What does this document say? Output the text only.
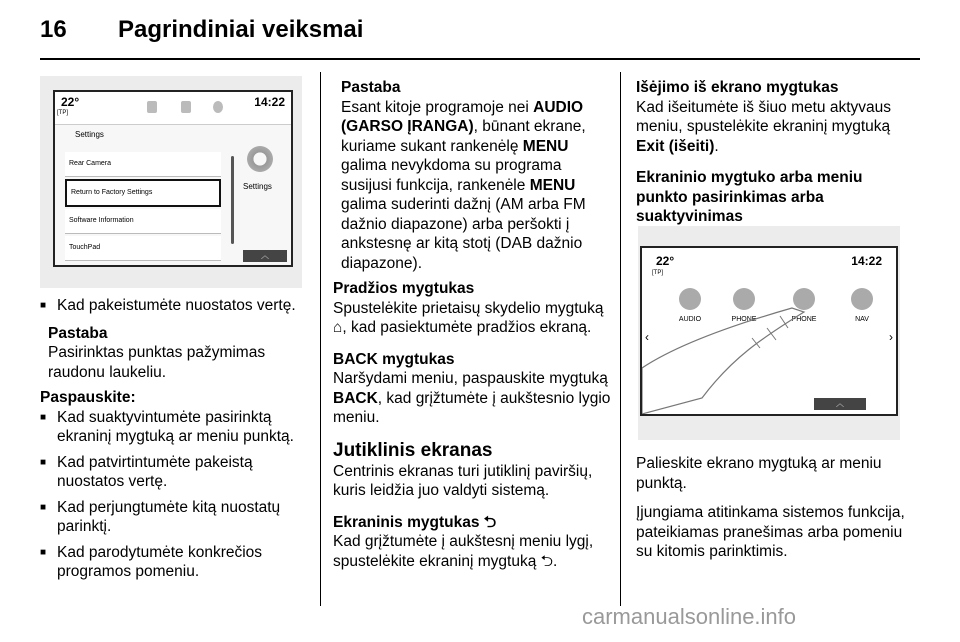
16 Pagrindiniai veiksmai
22°
[TP]
14:22
Settings
Rear Camera
Return to Factory Settings
Software Information
TouchPad
Settings
︿

■ Kad pakeistumėte nuostatos vertę.

Pastaba

Pasirinktas punktas pažymimas raudonu laukeliu.

Paspauskite:

■ Kad suaktyvintumėte pasirinktą ekraninį mygtuką ar meniu punktą.

■ Kad patvirtintumėte pakeistą nuostatos vertę.

■ Kad perjungtumėte kitą nuostatų parinktį.

■ Kad parodytumėte konkrečios programos pomeniu.

Pastaba

Esant kitoje programoje nei AUDIO (GARSO ĮRANGA), būnant ekrane, kuriame sukant rankenėlę MENU galima nevykdoma su programa susijusi funkcija, rankenėle MENU galima suderinti dažnį (AM arba FM dažnio diapazone) arba peršokti į ankstesnę ar kitą stotį (DAB dažnio diapazone).

Pradžios mygtukas

Spustelėkite prietaisų skydelio mygtuką ⌂, kad pasiektumėte pradžios ekraną.

BACK mygtukas

Naršydami meniu, paspauskite mygtuką BACK, kad grįžtumėte į aukštesnio lygio meniu.

Jutiklinis ekranas

Centrinis ekranas turi jutiklinį paviršių, kuris leidžia juo valdyti sistemą.

Ekraninis mygtukas ⮌

Kad grįžtumėte į aukštesnį meniu lygį, spustelėkite ekraninį mygtuką ⮌.

Išėjimo iš ekrano mygtukas

Kad išeitumėte iš šiuo metu aktyvaus meniu, spustelėkite ekraninį mygtuką Exit (išeiti).

Ekraninio mygtuko arba meniu punkto pasirinkimas arba suaktyvinimas

22°
[TP]
14:22
‹	›
AUDIO	PHONE	PHONE	NAV
︿

Palieskite ekrano mygtuką ar meniu punktą.

Įjungiama atitinkama sistemos funkcija, pateikiamas pranešimas arba pomeniu su kitomis parinktimis.

carmanualsonline.info
